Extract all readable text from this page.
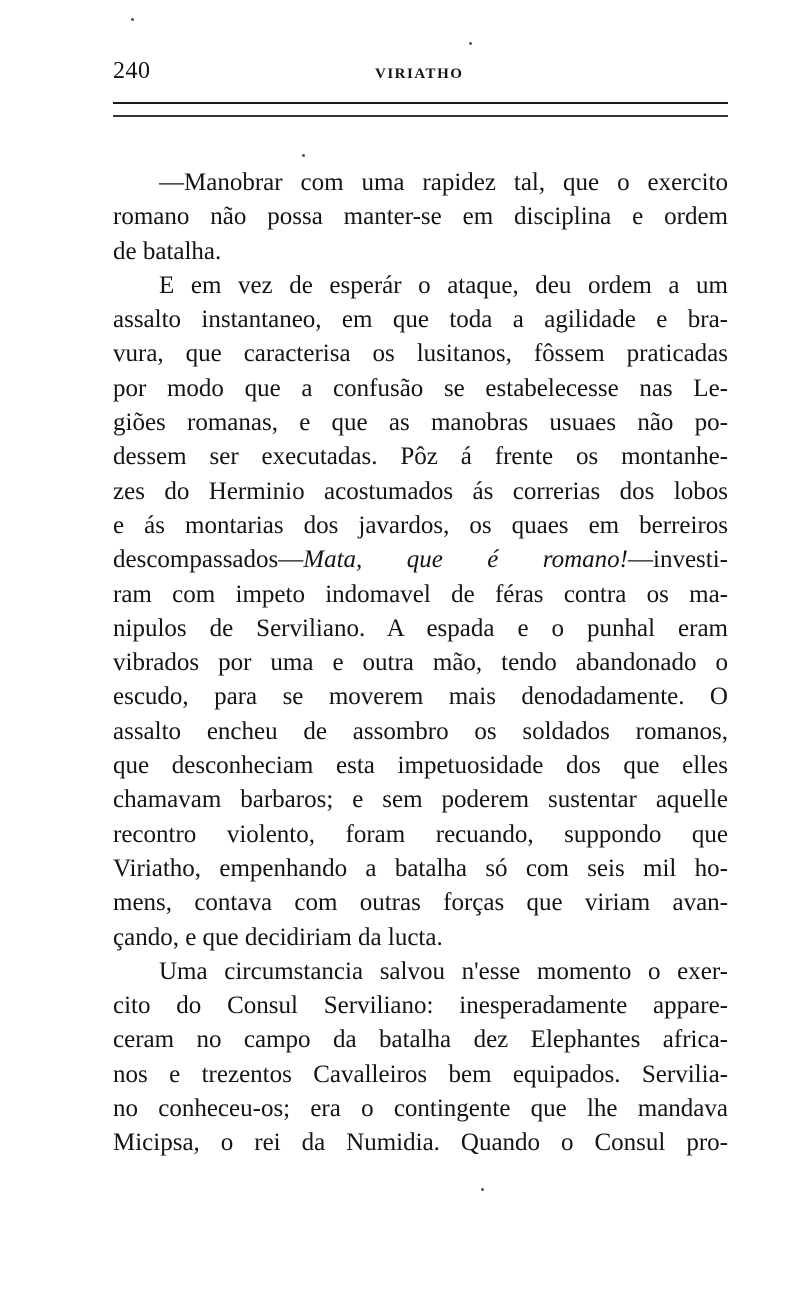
240	VIRIATHO
—Manobrar com uma rapidez tal, que o exercito
romano não possa manter-se em disciplina e ordem
de batalha.
E em vez de esperár o ataque, deu ordem a um
assalto instantaneo, em que toda a agilidade e bra-
vura, que caracterisa os lusitanos, fôssem praticadas
por modo que a confusão se estabelecesse nas Le-
giões romanas, e que as manobras usuaes não po-
dessem ser executadas. Pôz á frente os montanhe-
zes do Herminio acostumados ás correrias dos lobos
e ás montarias dos javardos, os quaes em berreiros
descompassados—Mata, que é romano!—investi-
ram com impeto indomavel de féras contra os ma-
nipulos de Serviliano. A espada e o punhal eram
vibrados por uma e outra mão, tendo abandonado o
escudo, para se moverem mais denodadamente. O
assalto encheu de assombro os soldados romanos,
que desconheciam esta impetuosidade dos que elles
chamavam barbaros; e sem poderem sustentar aquelle
recontro violento, foram recuando, suppondo que
Viriatho, empenhando a batalha só com seis mil ho-
mens, contava com outras forças que viriam avan-
çando, e que decidiriam da lucta.
Uma circumstancia salvou n'esse momento o exer-
cito do Consul Serviliano: inesperadamente appare-
ceram no campo da batalha dez Elephantes africa-
nos e trezentos Cavalleiros bem equipados. Servilia-
no conheceu-os; era o contingente que lhe mandava
Micipsa, o rei da Numidia. Quando o Consul pro-
